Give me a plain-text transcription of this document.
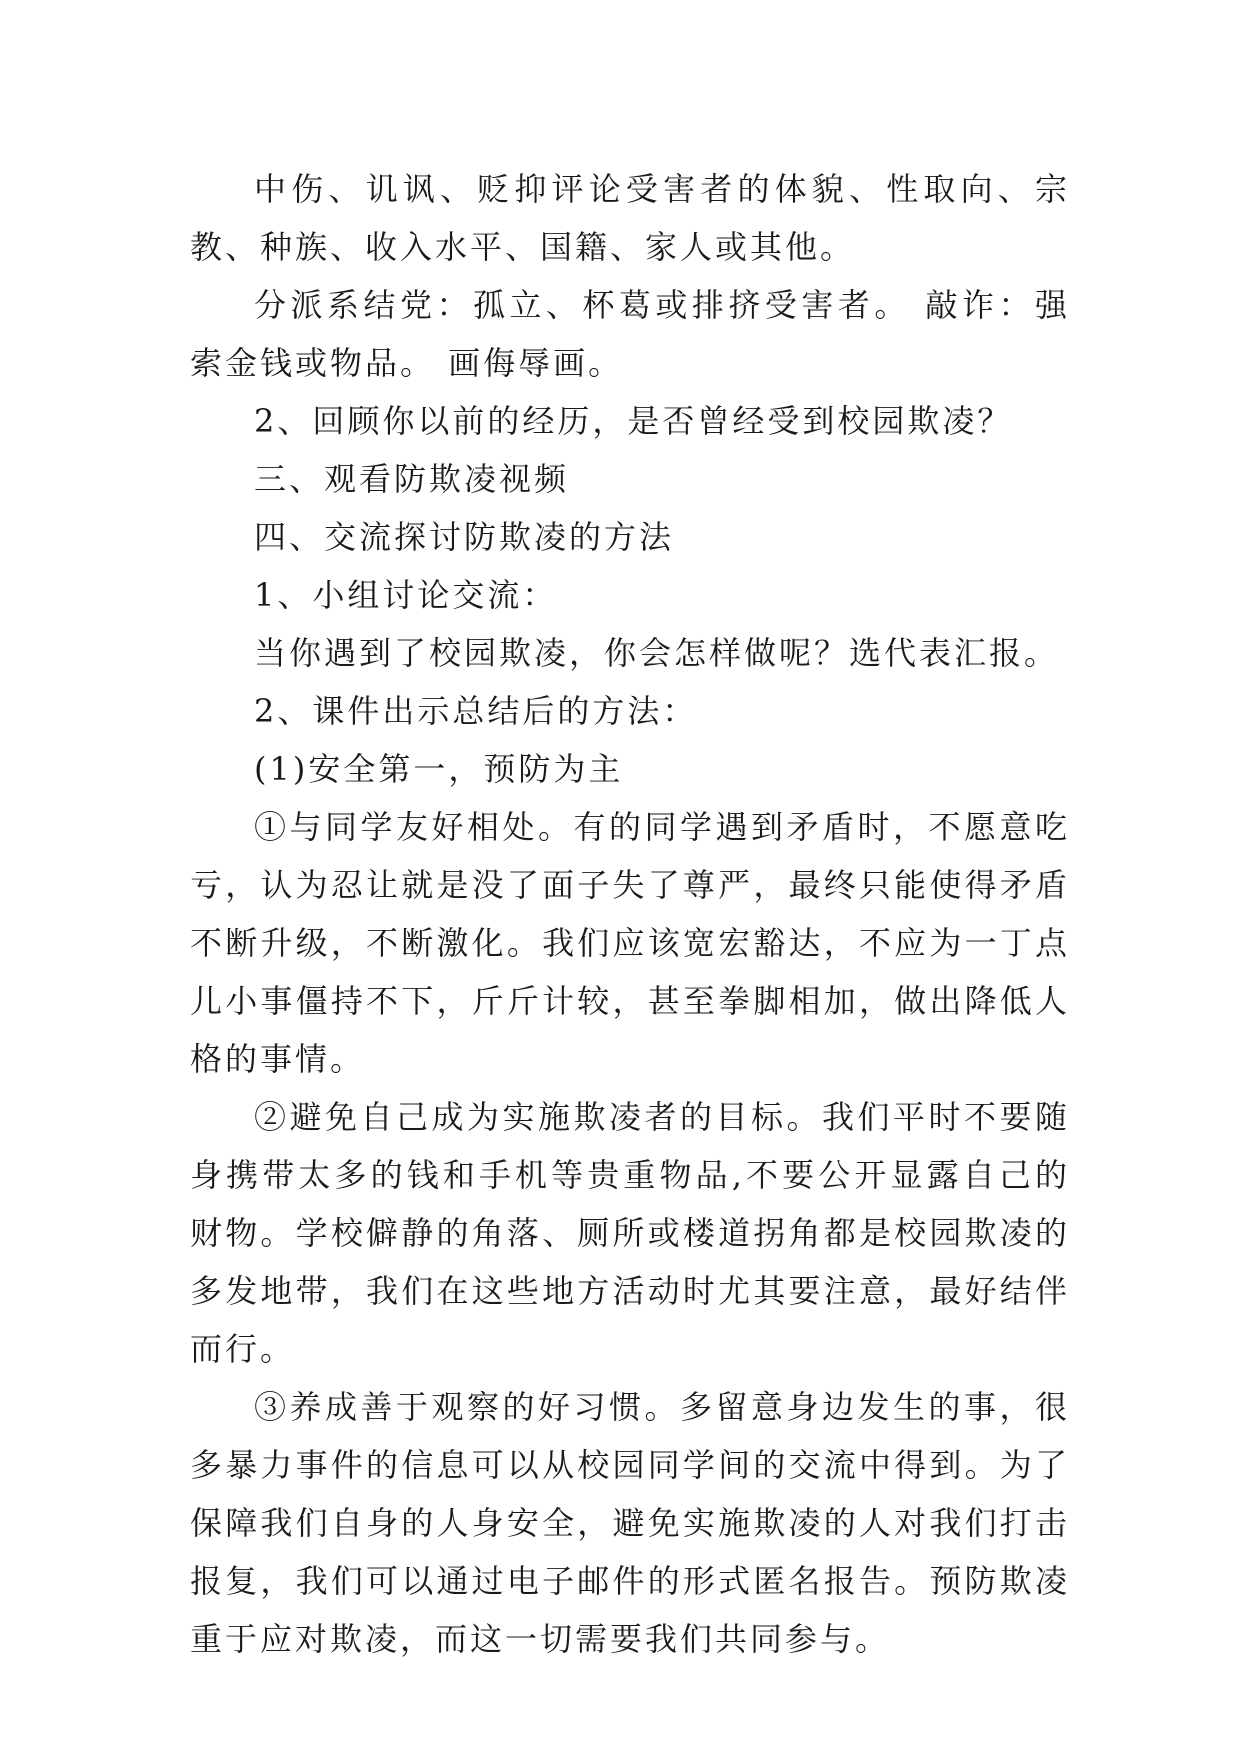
中伤、讥讽、贬抑评论受害者的体貌、性取向、宗教、种族、收入水平、国籍、家人或其他。

分派系结党：孤立、杯葛或排挤受害者。 敲诈：强索金钱或物品。 画侮辱画。

2、回顾你以前的经历，是否曾经受到校园欺凌？

三、观看防欺凌视频

四、交流探讨防欺凌的方法

1、小组讨论交流：

当你遇到了校园欺凌，你会怎样做呢？选代表汇报。

2、课件出示总结后的方法：

(1)安全第一，预防为主

①与同学友好相处。有的同学遇到矛盾时，不愿意吃亏，认为忍让就是没了面子失了尊严，最终只能使得矛盾不断升级，不断激化。我们应该宽宏豁达，不应为一丁点儿小事僵持不下，斤斤计较，甚至拳脚相加，做出降低人格的事情。

②避免自己成为实施欺凌者的目标。我们平时不要随身携带太多的钱和手机等贵重物品,不要公开显露自己的财物。学校僻静的角落、厕所或楼道拐角都是校园欺凌的多发地带，我们在这些地方活动时尤其要注意，最好结伴而行。

③养成善于观察的好习惯。多留意身边发生的事，很多暴力事件的信息可以从校园同学间的交流中得到。为了保障我们自身的人身安全，避免实施欺凌的人对我们打击报复，我们可以通过电子邮件的形式匿名报告。预防欺凌重于应对欺凌，而这一切需要我们共同参与。
